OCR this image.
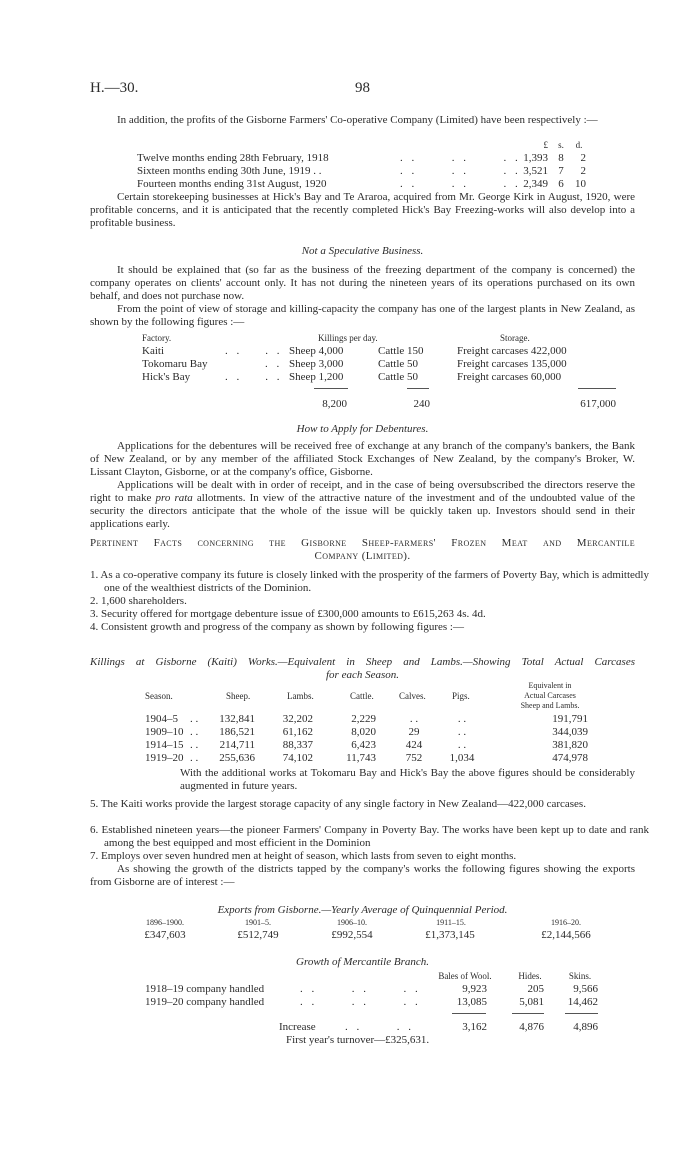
H.—30.	98
In addition, the profits of the Gisborne Farmers' Co-operative Company (Limited) have been respectively :—
£ s.	d.
Twelve months ending 28th February, 1918	. .      . .      . . 1,393 8	2
Sixteen months ending 30th June, 1919 . .	. .      . .      . . 3,521 7	2
Fourteen months ending 31st August, 1920	. .      . .      . . 2,349 6	10
Certain storekeeping businesses at Hick's Bay and Te Araroa, acquired from Mr. George Kirk in August, 1920, were profitable concerns, and it is anticipated that the recently completed Hick's Bay Freezing-works will also develop into a profitable business.
Not a Speculative Business.
It should be explained that (so far as the business of the freezing department of the company is concerned) the company operates on clients' account only. It has not during the nineteen years of its operations purchased on its own behalf, and does not purchase now.
From the point of view of storage and killing-capacity the company has one of the largest plants in New Zealand, as shown by the following figures :—
Factory.	Killings per day.	Storage.
Kaiti	. .    . . Sheep 4,000	Cattle 150	Freight carcases 422,000
Tokomaru Bay	. . Sheep 3,000	Cattle 50	Freight carcases 135,000
Hick's Bay	. .    . . Sheep 1,200	Cattle 50	Freight carcases 60,000
8,200	240	617,000
How to Apply for Debentures.
Applications for the debentures will be received free of exchange at any branch of the company's bankers, the Bank of New Zealand, or by any member of the affiliated Stock Exchanges of New Zealand, by the company's Broker, W. Lissant Clayton, Gisborne, or at the company's office, Gisborne.
Applications will be dealt with in order of receipt, and in the case of being oversubscribed the directors reserve the right to make pro rata allotments. In view of the attractive nature of the investment and of the undoubted value of the security the directors anticipate that the whole of the issue will be quickly taken up. Investors should send in their applications early.
Pertinent Facts concerning the Gisborne Sheep-farmers' Frozen Meat and Mercantile
Company (Limited).
1. As a co-operative company its future is closely linked with the prosperity of the farmers of Poverty Bay, which is admittedly one of the wealthiest districts of the Dominion.
2. 1,600 shareholders.
3. Security offered for mortgage debenture issue of £300,000 amounts to £615,263 4s. 4d.
4. Consistent growth and progress of the company as shown by following figures :—
Killings at Gisborne (Kaiti) Works.—Equivalent in Sheep and Lambs.—Showing Total Actual Carcases
for each Season.
Equivalent in
Actual Carcases
Sheep and Lambs.
Season.	Sheep.	Lambs.	Cattle.	Calves.	Pigs.
1904–5 . .	132,841	32,202	2,229	. .	. .	191,791
1909–10 . .	186,521	61,162	8,020	29	. .	344,039
1914–15 . .	214,711	88,337	6,423	424	. .	381,820
1919–20 . .	255,636	74,102	11,743	752	1,034	474,978
With the additional works at Tokomaru Bay and Hick's Bay the above figures should be considerably augmented in future years.
5. The Kaiti works provide the largest storage capacity of any single factory in New Zealand—422,000 carcases.
6. Established nineteen years—the pioneer Farmers' Company in Poverty Bay. The works have been kept up to date and rank among the best equipped and most efficient in the Dominion
7. Employs over seven hundred men at height of season, which lasts from seven to eight months.
As showing the growth of the districts tapped by the company's works the following figures showing the exports from Gisborne are of interest :—
Exports from Gisborne.—Yearly Average of Quinquennial Period.
1896–1900.	1901–5.	1906–10.	1911–15.	1916–20.
£347,603	£512,749	£992,554	£1,373,145	£2,144,566
Growth of Mercantile Branch.
Bales of Wool.	Hides.	Skins.
1918–19 company handled	. .      . .      . .	9,923	205	9,566
1919–20 company handled	. .      . .      . .	13,085	5,081	14,462
Increase	. .      . .	3,162	4,876	4,896
First year's turnover—£325,631.
